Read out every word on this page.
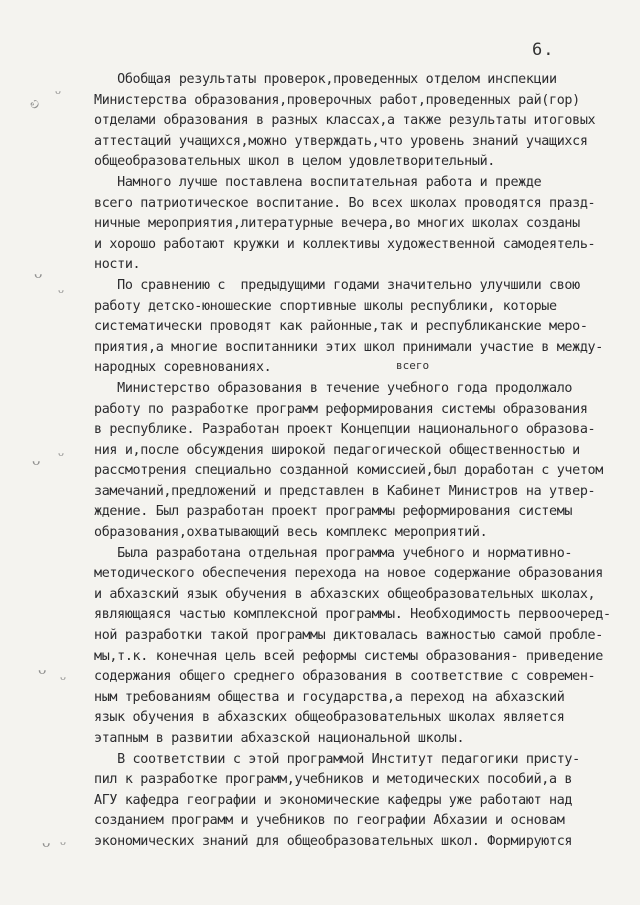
6.
ಲ
ᴗ
ᴗ
ᴗ
ᴗ ᴗ
ᴗ ᴗ
ᴗ ᴗ
всего
Обобщая результаты проверок,проведенных отделом инспекции
Министерства образования,проверочных работ,проведенных рай(гор)
отделами образования в разных классах,а также результаты итоговых
аттестаций учащихся,можно утверждать,что уровень знаний учащихся
общеобразовательных школ в целом удовлетворительный.
Намного лучше поставлена воспитательная работа и прежде
всего патриотическое воспитание. Во всех школах проводятся празд-
ничные мероприятия,литературные вечера,во многих школах созданы
и хорошо работают кружки и коллективы художественной самодеятель-
ности.
По сравнению с  предыдущими годами значительно улучшили свою
работу детско-юношеские спортивные школы республики, которые
систематически проводят как районные,так и республиканские меро-
приятия,а многие воспитанники этих школ принимали участие в между-
народных соревнованиях.
Министерство образования в течение учебного года продолжало
работу по разработке программ реформирования системы образования
в республике. Разработан проект Концепции национального образова-
ния и,после обсуждения широкой педагогической общественностью и
рассмотрения специально созданной комиссией,был доработан с учетом
замечаний,предложений и представлен в Кабинет Министров на утвер-
ждение. Был разработан проект программы реформирования системы
образования,охватывающий весь комплекс мероприятий.
Была разработана отдельная программа учебного и нормативно-
методического обеспечения перехода на новое содержание образования
и абхазский язык обучения в абхазских общеобразовательных школах,
являющаяся частью комплексной программы. Необходимость первоочеред-
ной разработки такой программы диктовалась важностью самой пробле-
мы,т.к. конечная цель всей реформы системы образования- приведение
содержания общего среднего образования в соответствие с современ-
ным требованиям общества и государства,а переход на абхазский
язык обучения в абхазских общеобразовательных школах является
этапным в развитии абхазской национальной школы.
В соответствии с этой программой Институт педагогики присту-
пил к разработке программ,учебников и методических пособий,а в
АГУ кафедра географии и экономические кафедры уже работают над
созданием программ и учебников по географии Абхазии и основам
экономических знаний для общеобразовательных школ. Формируются
